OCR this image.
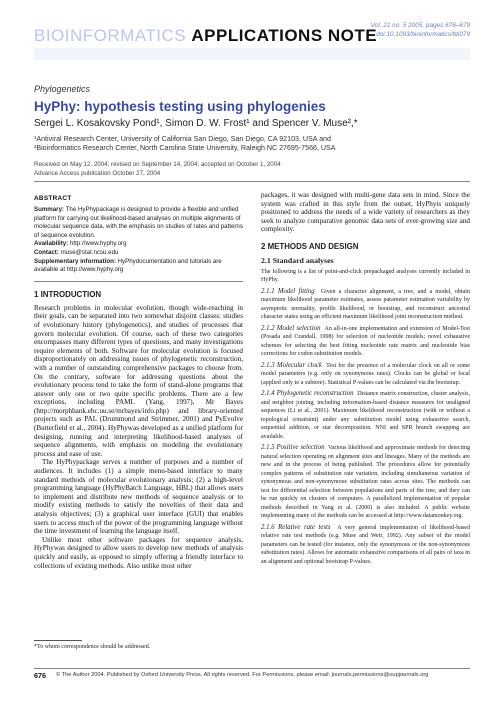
BIOINFORMATICS APPLICATIONS NOTE
Vol. 21 no. 5 2005, pages 676–679
doi:10.1093/bioinformatics/bti079
Phylogenetics
HyPhy: hypothesis testing using phylogenies
Sergei L. Kosakovsky Pond¹, Simon D. W. Frost¹ and Spencer V. Muse²,*
¹Antiviral Research Center, University of California San Diego, San Diego, CA 92103, USA and
²Bioinformatics Research Center, North Carolina State University, Raleigh NC 27695-7566, USA
Received on May 12, 2004; revised on September 14, 2004; accepted on October 1, 2004
Advance Access publication October 27, 2004
ABSTRACT

Summary: The HyPhypackage is designed to provide a flexible and unified platform for carrying out likelihood-based analyses on multiple alignments of molecular sequence data, with the emphasis on studies of rates and patterns of sequence evolution.

Availability: http://www.hyphy.org

Contact: muse@stat.ncsu.edu

Supplementary information: HyPhydocumentation and tutorials are available at http://www.hyphy.org

1 INTRODUCTION

Research problems in molecular evolution, though wide-reaching in their goals, can be separated into two somewhat disjoint classes: studies of evolutionary history (phylogenetics), and studies of processes that govern molecular evolution. Of course, each of these two categories encompasses many different types of questions, and many investigations require elements of both. Software for molecular evolution is focused disproportionately on addressing issues of phylogenetic reconstruction, with a number of outstanding comprehensive packages to choose from. On the contrary, software for addressing questions about the evolutionary process tend to take the form of stand-alone programs that answer only one or two quite specific problems. There are a few exceptions, including PAML (Yang, 1997), Mr Bayes (http://morphbank.ebc.uu.se/mrbayes/info.php) and library-oriented projects such as PAL (Drummond and Strimmer, 2001) and PyEvolve (Butterfield et al., 2004). HyPhywas developed as a unified platform for designing, running and interpreting likelihood-based analyses of sequence alignments, with emphasis on modeling the evolutionary process and ease of use.

The HyPhypackage serves a number of purposes and a number of audiences. It includes (1) a simple menu-based interface to many standard methods of molecular evolutionary analysis; (2) a high-level programming language (HyPhyBatch Language, HBL) that allows users to implement and distribute new methods of sequence analysis or to modify existing methods to satisfy the novelties of their data and analysis objectives; (3) a graphical user interface (GUI) that enables users to access much of the power of the programming language without the time investment of learning the language itself.

Unlike most other software packages for sequence analysis, HyPhywas designed to allow users to develop new methods of analysis quickly and easily, as opposed to simply offering a friendly interface to collections of existing methods. Also unlike most other

packages, it was designed with multi-gene data sets in mind. Since the system was crafted in this style from the outset, HyPhyis uniquely positioned to address the needs of a wide variety of researchers as they seek to analyze comparative genomic data sets of ever-growing size and complexity.

2 METHODS AND DESIGN
2.1 Standard analyses

The following is a list of point-and-click prepackaged analyses currently included in HyPhy.

2.1.1 Model fitting Given a character alignment, a tree, and a model, obtain maximum likelihood parameter estimates, assess parameter estimation variability by asymptotic normality, profile likelihood, or bootstrap, and reconstruct ancestral character states using an efficient maximum likelihood joint reconstruction method.

2.1.2 Model selection An all-in-one implementation and extension of Model-Test (Posada and Crandall, 1998) for selection of nucleotide models; novel exhaustive schemes for selecting the best fitting nucleotide rate matrix and nucleotide bias corrections for codon substitution models.

2.1.3 Molecular clock Test for the presence of a molecular clock on all or some model parameters (e.g. only on synonymous rates). Clocks can be global or local (applied only to a subtree). Statistical P-values can be calculated via the bootstrap.

2.1.4 Phylogenetic reconstruction Distance matrix construction, cluster analysis, and neighbor joining, including information-based distance measures for unaligned sequences (Li et al., 2001). Maximum likelihood reconstruction (with or without a topological constraint) under any substitution model using exhaustive search, sequential addition, or star decomposition. NNI and SPR branch swapping are available.

2.1.5 Positive selection Various likelihood and approximate methods for detecting natural selection operating on alignment sites and lineages. Many of the methods are new and in the process of being published. The procedures allow for potentially complex patterns of substitution rate variation, including simultaneous variation of synonymous and non-synonymous substitution rates across sites. The methods can test for differential selection between populations and parts of the tree, and they can be run quickly on clusters of computers. A parallelized implementation of popular methods described in Yang et al. (2000) is also included. A public website implementing many of the methods can be accessed at http://www.datamonkey.org.

2.1.6 Relative rate tests A very general implementation of likelihood-based relative rate test methods (e.g. Muse and Weir, 1992). Any subset of the model parameters can be tested (for instance, only the synonymous or the non-synonymous substitution rates). Allows for automatic exhaustive comparisons of all pairs of taxa in an alignment and optional bootstrap P-values.

*To whom correspondence should be addressed.
676 © The Author 2004. Published by Oxford University Press. All rights reserved. For Permissions, please email: journals.permissions@oupjournals.org
